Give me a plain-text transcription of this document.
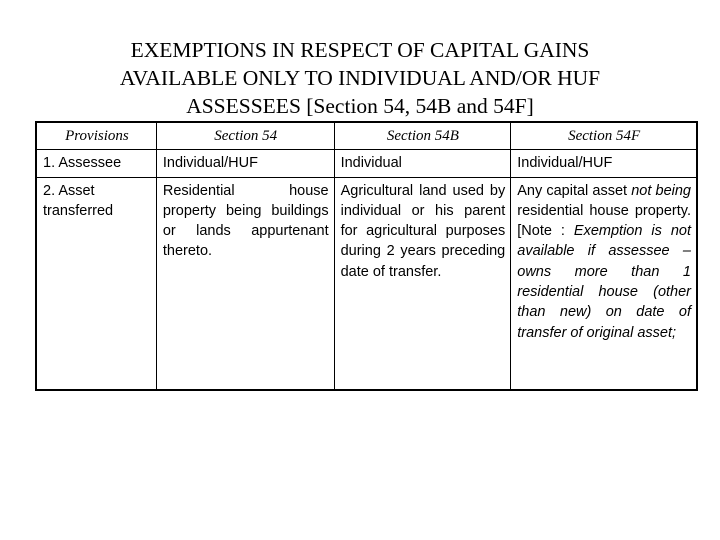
EXEMPTIONS IN RESPECT OF CAPITAL GAINS
AVAILABLE ONLY TO INDIVIDUAL AND/OR HUF
ASSESSEES [Section 54, 54B and 54F]
Provisions	Section 54	Section 54B	Section 54F
1. Assessee	Individual/HUF	Individual	Individual/HUF
2. Asset transferred	Residential house property being buildings or lands appurtenant thereto.	Agricultural land used by individual or his parent for agricultural purposes during 2 years preceding date of transfer.	Any capital asset not being residential house property. [Note : Exemption is not available if assessee – owns more than 1 residential house (other than new) on date of transfer of original asset;
